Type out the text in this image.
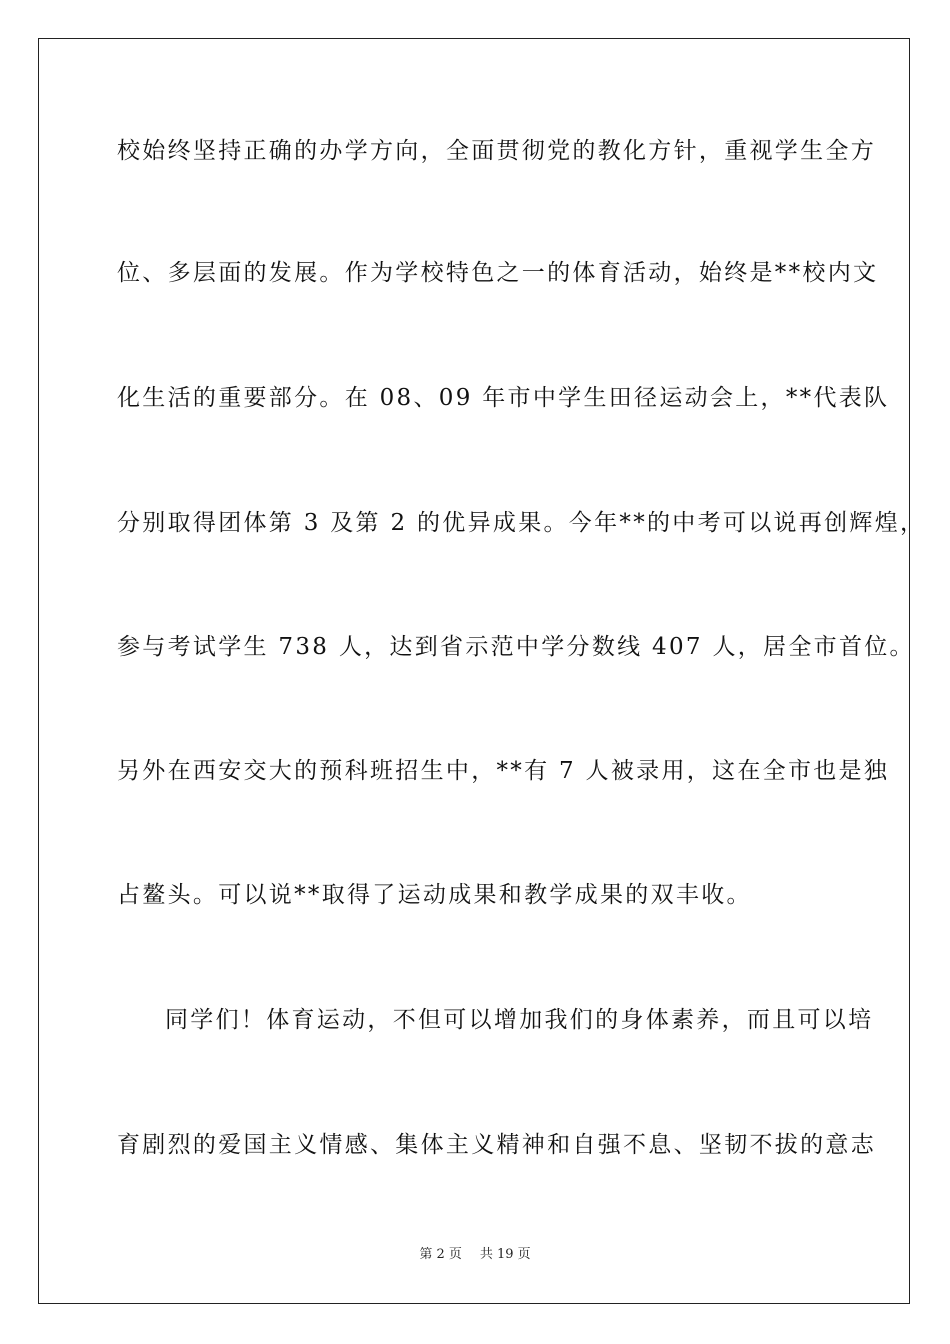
校始终坚持正确的办学方向，全面贯彻党的教化方针，重视学生全方
位、多层面的发展。作为学校特色之一的体育活动，始终是**校内文
化生活的重要部分。在 08、09 年市中学生田径运动会上，**代表队
分别取得团体第 3 及第 2 的优异成果。今年**的中考可以说再创辉煌，
参与考试学生 738 人，达到省示范中学分数线 407 人，居全市首位。
另外在西安交大的预科班招生中，**有 7 人被录用，这在全市也是独
占鳌头。可以说**取得了运动成果和教学成果的双丰收。
同学们！体育运动，不但可以增加我们的身体素养，而且可以培
育剧烈的爱国主义情感、集体主义精神和自强不息、坚韧不拔的意志
第 2 页 共 19 页
